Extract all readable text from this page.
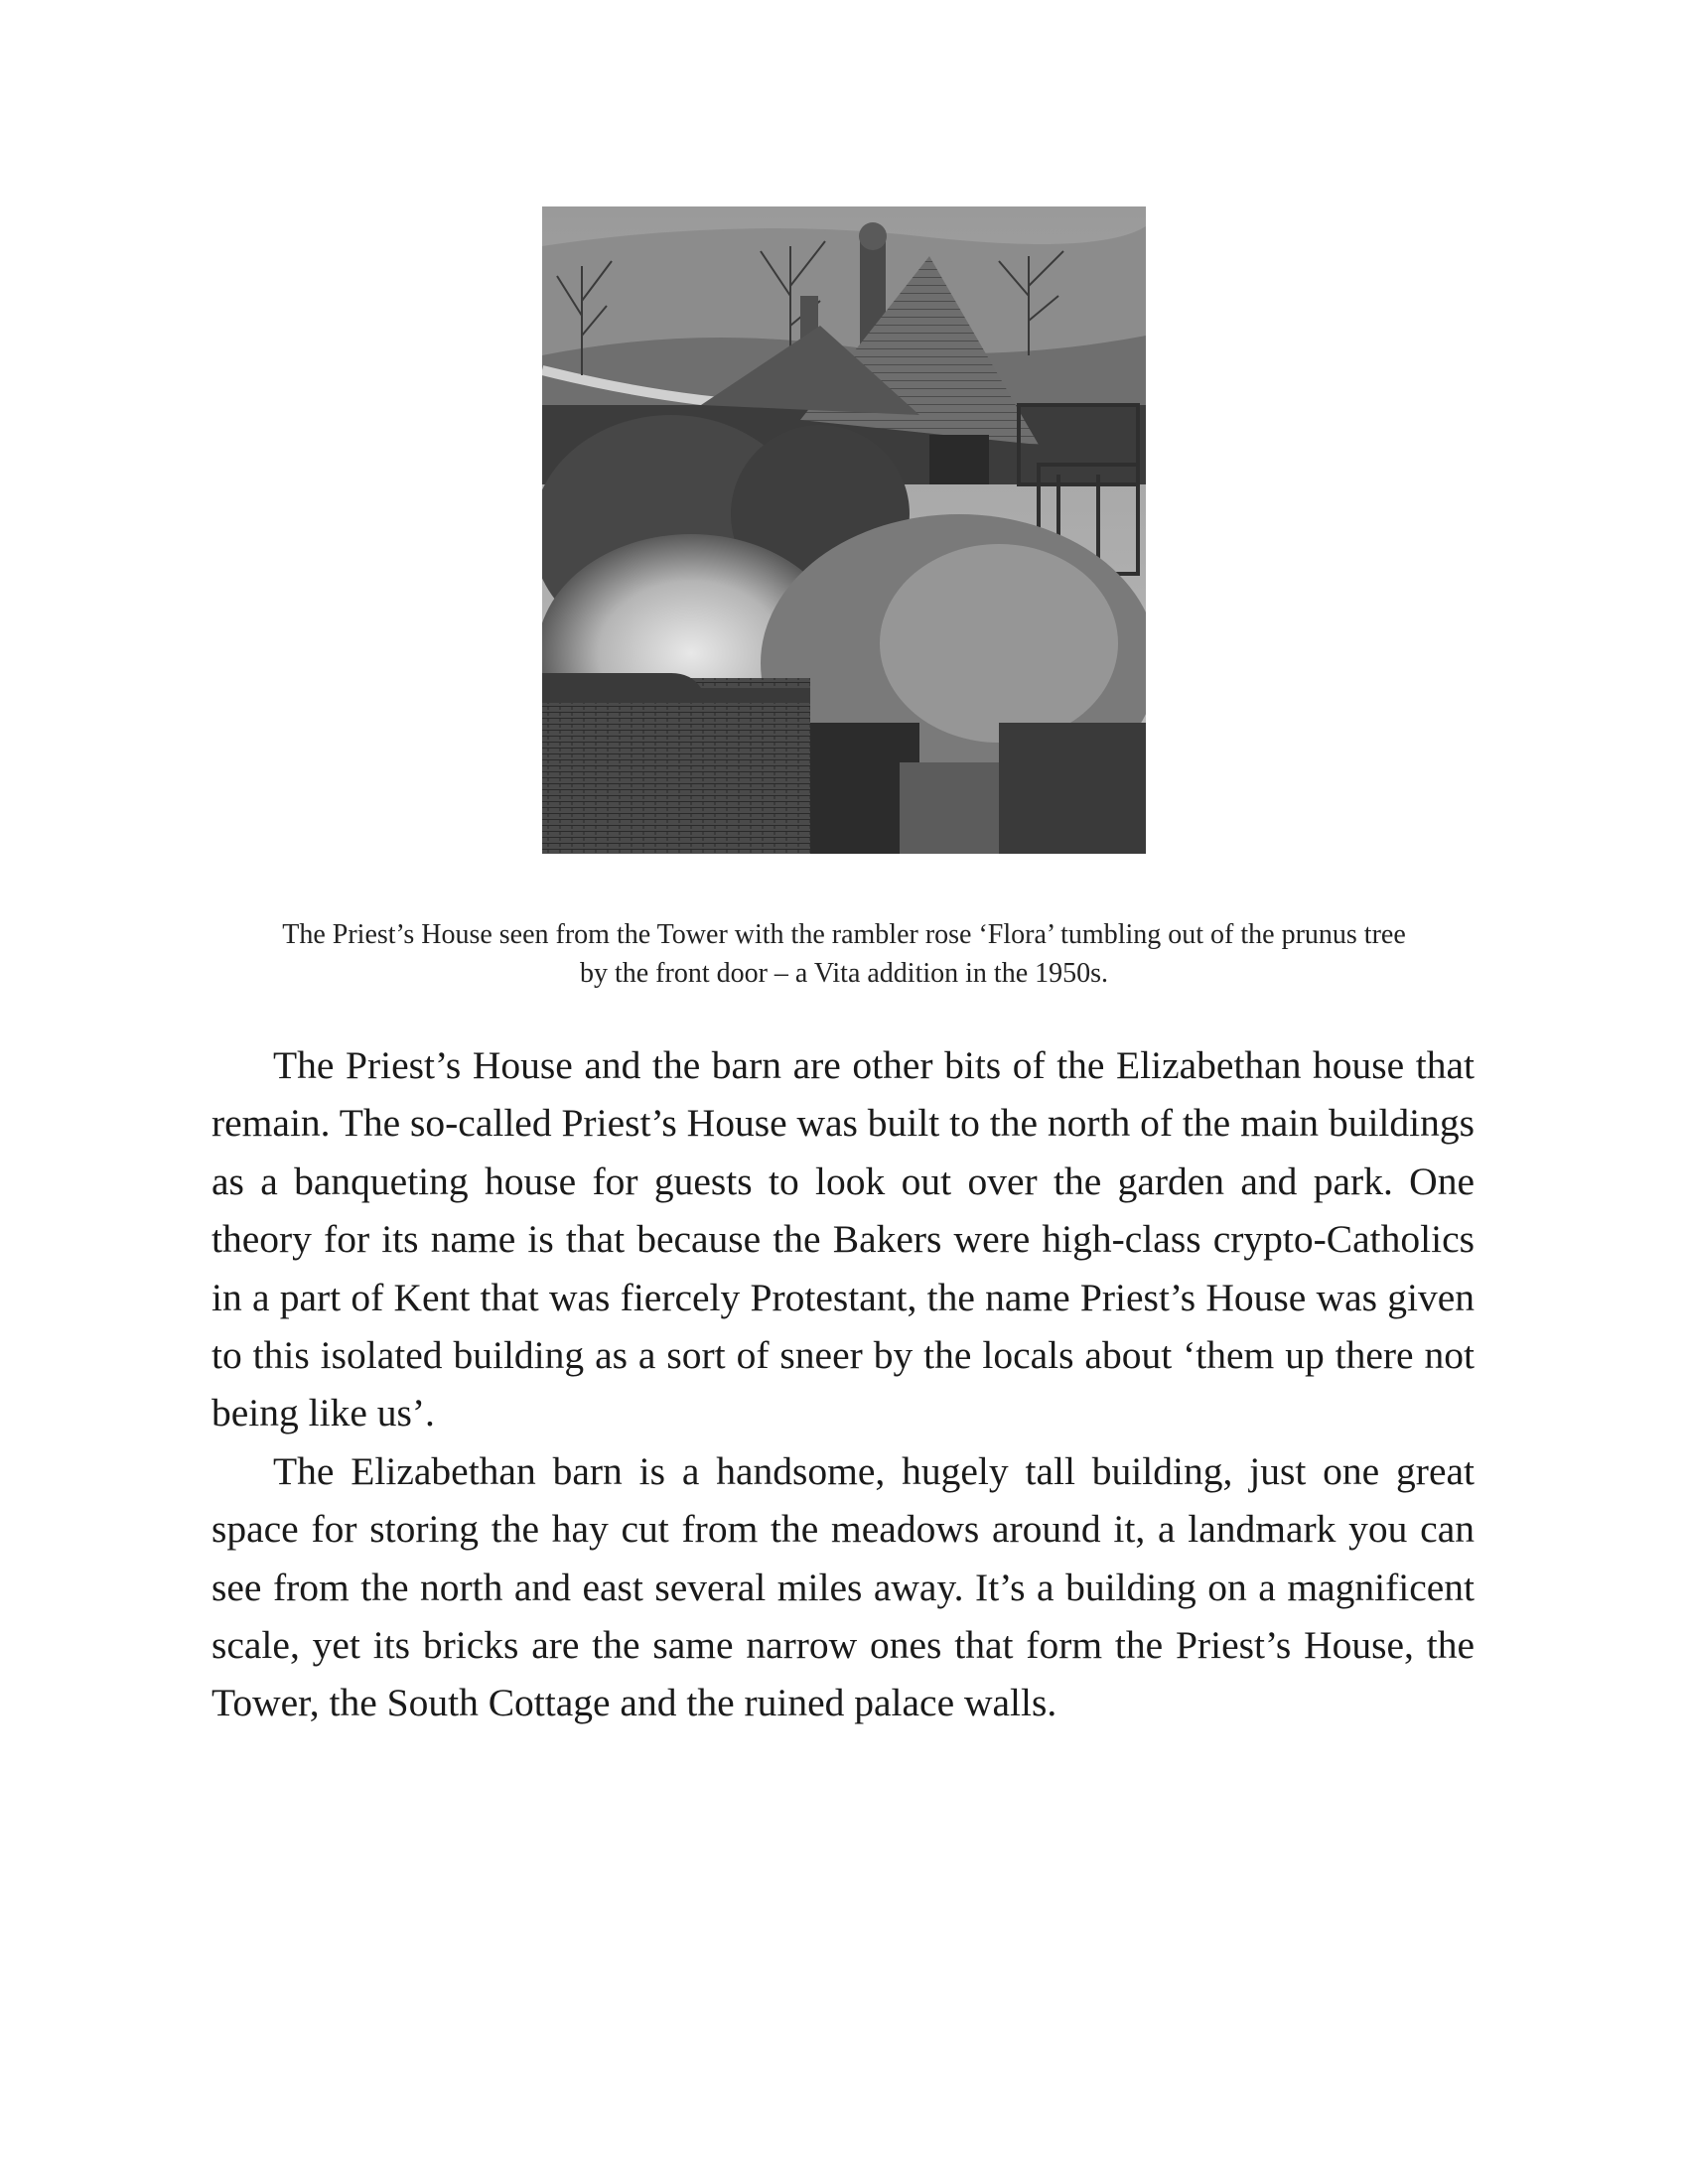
The Priest’s House seen from the Tower with the rambler rose ‘Flora’ tumbling out of the prunus tree
by the front door – a Vita addition in the 1950s.

The Priest’s House and the barn are other bits of the Elizabethan house that remain. The so-called Priest’s House was built to the north of the main buildings as a banqueting house for guests to look out over the garden and park. One theory for its name is that because the Bakers were high-class crypto-Catholics in a part of Kent that was fiercely Protestant, the name Priest’s House was given to this isolated building as a sort of sneer by the locals about ‘them up there not being like us’.

The Elizabethan barn is a handsome, hugely tall building, just one great space for storing the hay cut from the meadows around it, a landmark you can see from the north and east several miles away. It’s a building on a magnificent scale, yet its bricks are the same narrow ones that form the Priest’s House, the Tower, the South Cottage and the ruined palace walls.
